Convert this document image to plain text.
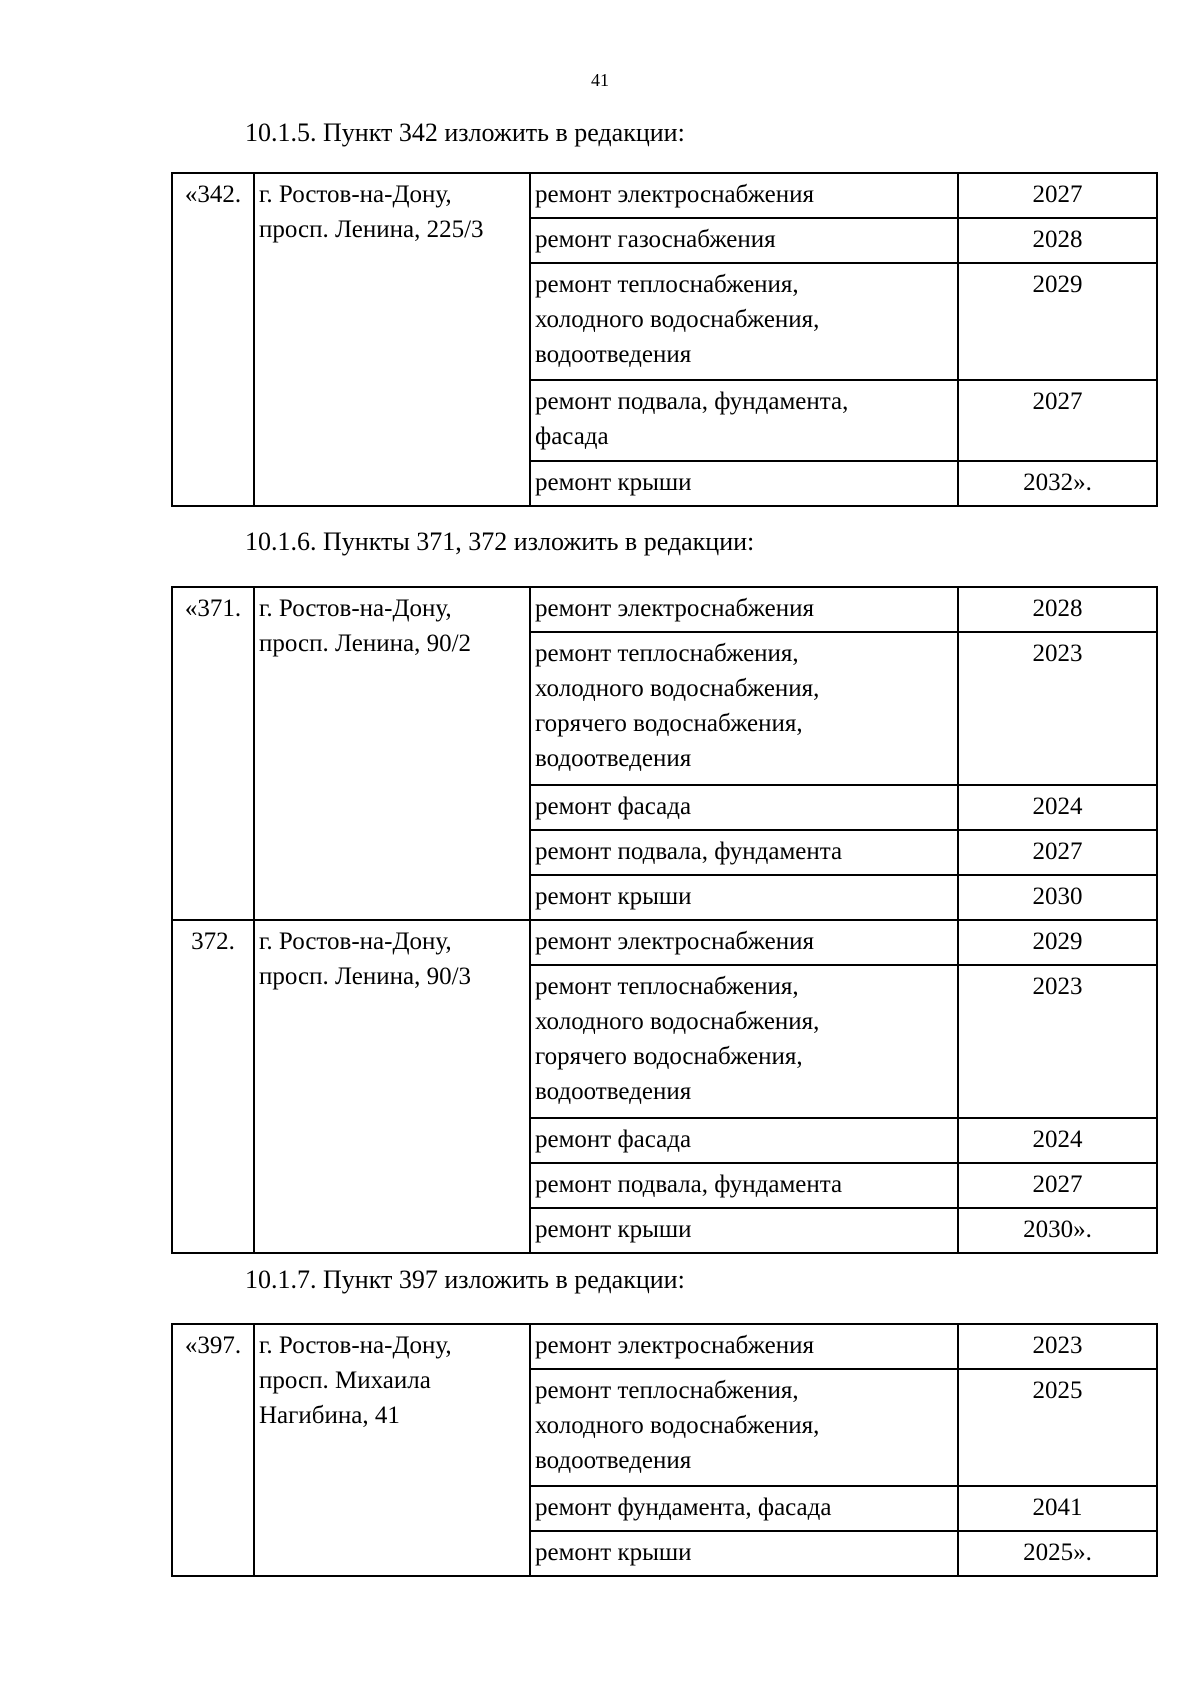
41
10.1.5. Пункт 342 изложить в редакции:
«342.	г. Ростов-на-Дону,
просп. Ленина, 225/3	ремонт электроснабжения	2027

		ремонт газоснабжения	2028

		ремонт теплоснабжения,
холодного водоснабжения,
водоотведения	2029

		ремонт подвала, фундамента,
фасада	2027

		ремонт крыши	2032».
10.1.6. Пункты 371, 372 изложить в редакции:
«371.	г. Ростов-на-Дону,
просп. Ленина, 90/2	ремонт электроснабжения	2028

		ремонт теплоснабжения,
холодного водоснабжения,
горячего водоснабжения,
водоотведения	2023

		ремонт фасада	2024

		ремонт подвала, фундамента	2027

		ремонт крыши	2030
372.	г. Ростов-на-Дону,
просп. Ленина, 90/3	ремонт электроснабжения	2029

		ремонт теплоснабжения,
холодного водоснабжения,
горячего водоснабжения,
водоотведения	2023

		ремонт фасада	2024

		ремонт подвала, фундамента	2027

		ремонт крыши	2030».
10.1.7. Пункт 397 изложить в редакции:
«397.	г. Ростов-на-Дону,
просп. Михаила
Нагибина, 41	ремонт электроснабжения	2023

		ремонт теплоснабжения,
холодного водоснабжения,
водоотведения	2025

		ремонт фундамента, фасада	2041

		ремонт крыши	2025».
